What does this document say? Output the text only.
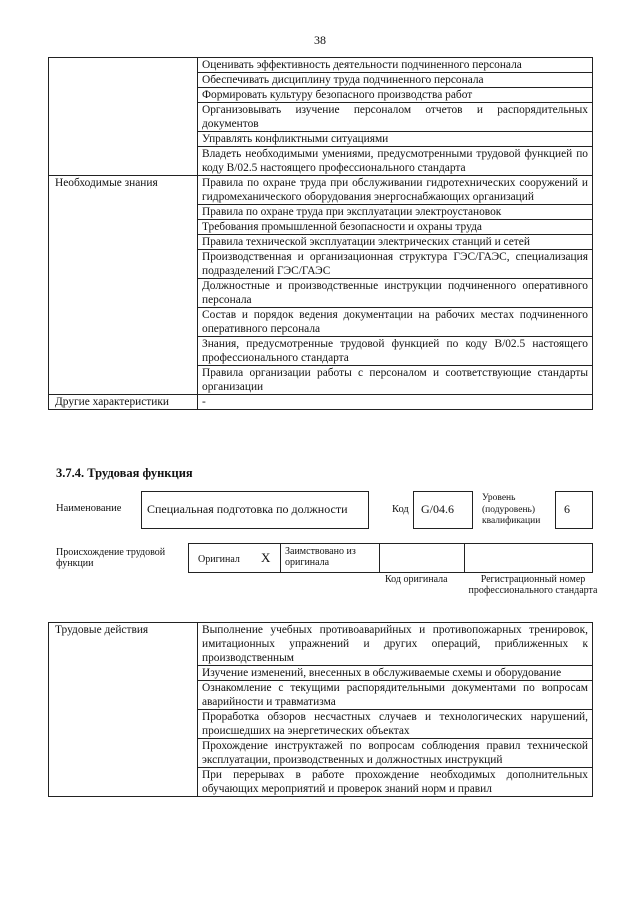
38
	Оценивать эффективность деятельности подчиненного персонала
	Обеспечивать дисциплину труда подчиненного персонала
	Формировать культуру безопасного производства работ
	Организовывать изучение персоналом отчетов и распорядительных документов
	Управлять конфликтными ситуациями
	Владеть необходимыми умениями, предусмотренными трудовой функцией по коду В/02.5 настоящего профессионального стандарта
Необходимые знания	Правила по охране труда при обслуживании гидротехнических сооружений и гидромеханического оборудования энергоснабжающих организаций
	Правила по охране труда при эксплуатации электроустановок
	Требования промышленной безопасности и охраны труда
	Правила технической эксплуатации электрических станций и сетей
	Производственная и организационная структура ГЭС/ГАЭС, специализация подразделений ГЭС/ГАЭС
	Должностные и производственные инструкции подчиненного оперативного персонала
	Состав и порядок ведения документации на рабочих местах подчиненного оперативного персонала
	Знания, предусмотренные трудовой функцией по коду В/02.5 настоящего профессионального стандарта
	Правила организации работы с персоналом и соответствующие стандарты организации
Другие характеристики	-
3.7.4. Трудовая функция
Наименование Специальная подготовка по должности	Код G/04.6
Уровень (подуровень) квалификации
6
Происхождение трудовой функции	Оригинал X Заимствовано из оригинала
Код оригинала	Регистрационный номер профессионального стандарта
Трудовые действия	Выполнение учебных противоаварийных и противопожарных тренировок, имитационных упражнений и других операций, приближенных к производственным
Изучение изменений, внесенных в обслуживаемые схемы и оборудование
Ознакомление с текущими распорядительными документами по вопросам аварийности и травматизма
Проработка обзоров несчастных случаев и технологических нарушений, происшедших на энергетических объектах
Прохождение инструктажей по вопросам соблюдения правил технической эксплуатации, производственных и должностных инструкций
При перерывах в работе прохождение необходимых дополнительных обучающих мероприятий и проверок знаний норм и правил
